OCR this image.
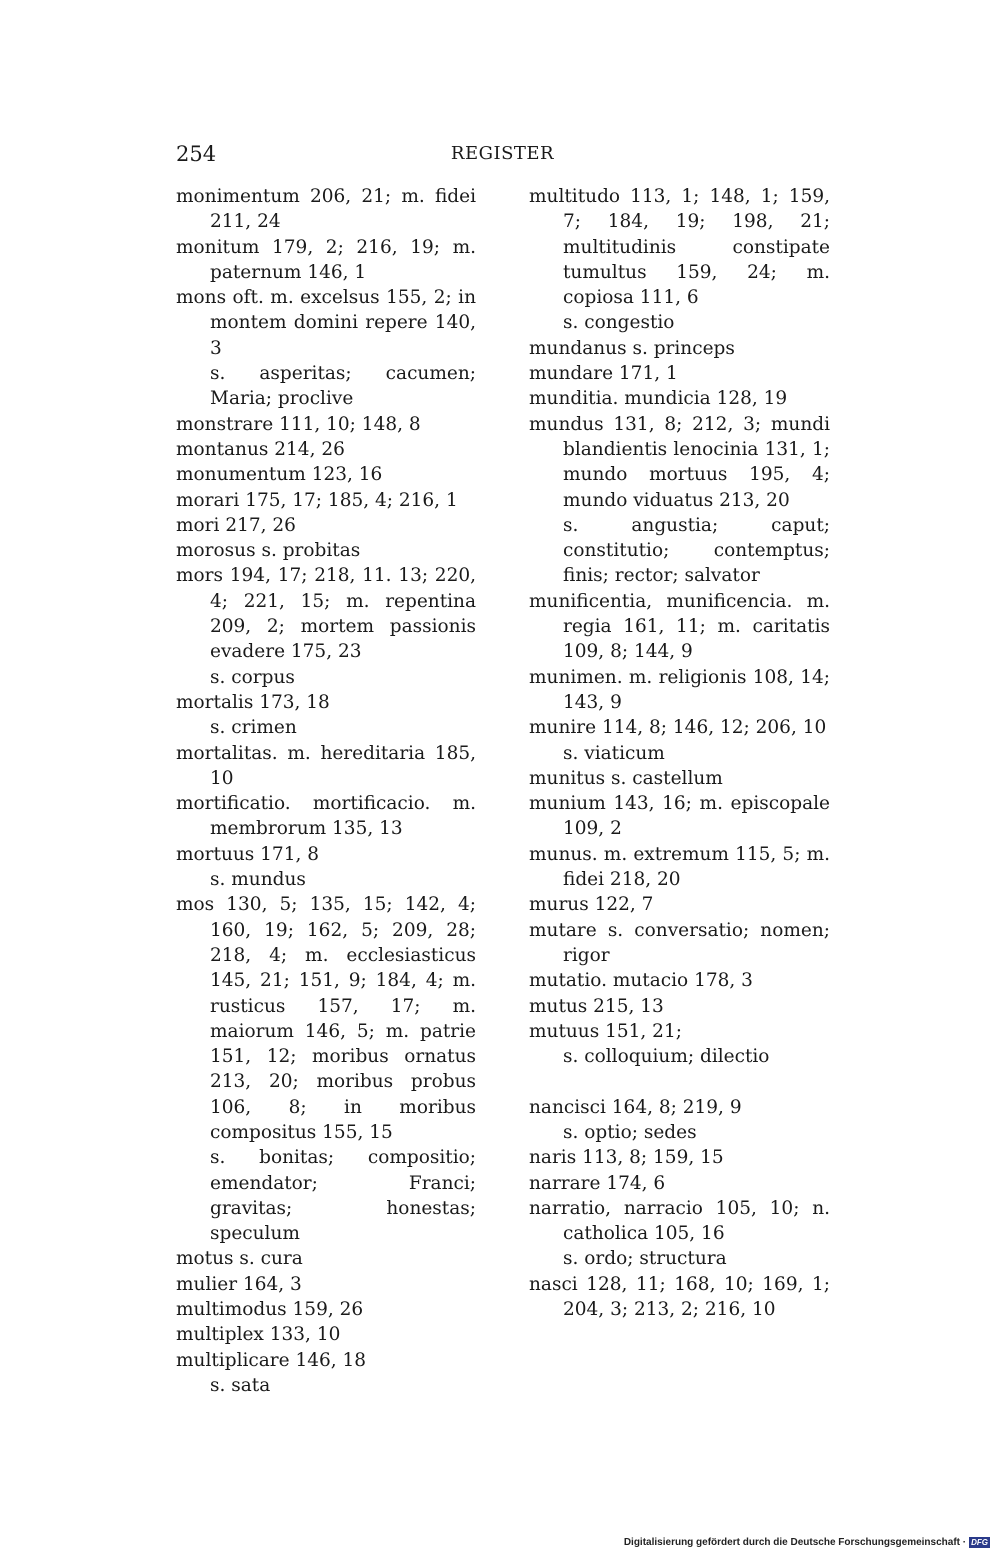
254	REGISTER
monimentum 206, 21; m. fidei 211, 24
monitum 179, 2; 216, 19; m. paternum 146, 1
mons oft. m. excelsus 155, 2; in montem domini repere 140, 3
s. asperitas; cacumen; Maria; proclive
monstrare 111, 10; 148, 8
montanus 214, 26
monumentum 123, 16
morari 175, 17; 185, 4; 216, 1
mori 217, 26
morosus s. probitas
mors 194, 17; 218, 11. 13; 220, 4; 221, 15; m. repentina 209, 2; mortem passionis evadere 175, 23
s. corpus
mortalis 173, 18
s. crimen
mortalitas. m. hereditaria 185, 10
mortificatio. mortificacio. m. membrorum 135, 13
mortuus 171, 8
s. mundus
mos 130, 5; 135, 15; 142, 4; 160, 19; 162, 5; 209, 28; 218, 4; m. ecclesiasticus 145, 21; 151, 9; 184, 4; m. rusticus 157, 17; m. maiorum 146, 5; m. patrie 151, 12; moribus ornatus 213, 20; moribus probus 106, 8; in moribus compositus 155, 15
s. bonitas; compositio; emendator; Franci; gravitas; honestas; speculum
motus s. cura
mulier 164, 3
multimodus 159, 26
multiplex 133, 10
multiplicare 146, 18
s. sata
multitudo 113, 1; 148, 1; 159, 7; 184, 19; 198, 21; multitudinis constipate tumultus 159, 24; m. copiosa 111, 6
s. congestio
mundanus s. princeps
mundare 171, 1
munditia. mundicia 128, 19
mundus 131, 8; 212, 3; mundi blandientis lenocinia 131, 1; mundo mortuus 195, 4; mundo viduatus 213, 20
s. angustia; caput; constitutio; contemptus; finis; rector; salvator
munificentia, munificencia. m. regia 161, 11; m. caritatis 109, 8; 144, 9
munimen. m. religionis 108, 14; 143, 9
munire 114, 8; 146, 12; 206, 10
s. viaticum
munitus s. castellum
munium 143, 16; m. episcopale 109, 2
munus. m. extremum 115, 5; m. fidei 218, 20
murus 122, 7
mutare s. conversatio; nomen; rigor
mutatio. mutacio 178, 3
mutus 215, 13
mutuus 151, 21;
s. colloquium; dilectio
nancisci 164, 8; 219, 9
s. optio; sedes
naris 113, 8; 159, 15
narrare 174, 6
narratio, narracio 105, 10; n. catholica 105, 16
s. ordo; structura
nasci 128, 11; 168, 10; 169, 1; 204, 3; 213, 2; 216, 10
Digitalisierung gefördert durch die Deutsche Forschungsgemeinschaft · DFG
